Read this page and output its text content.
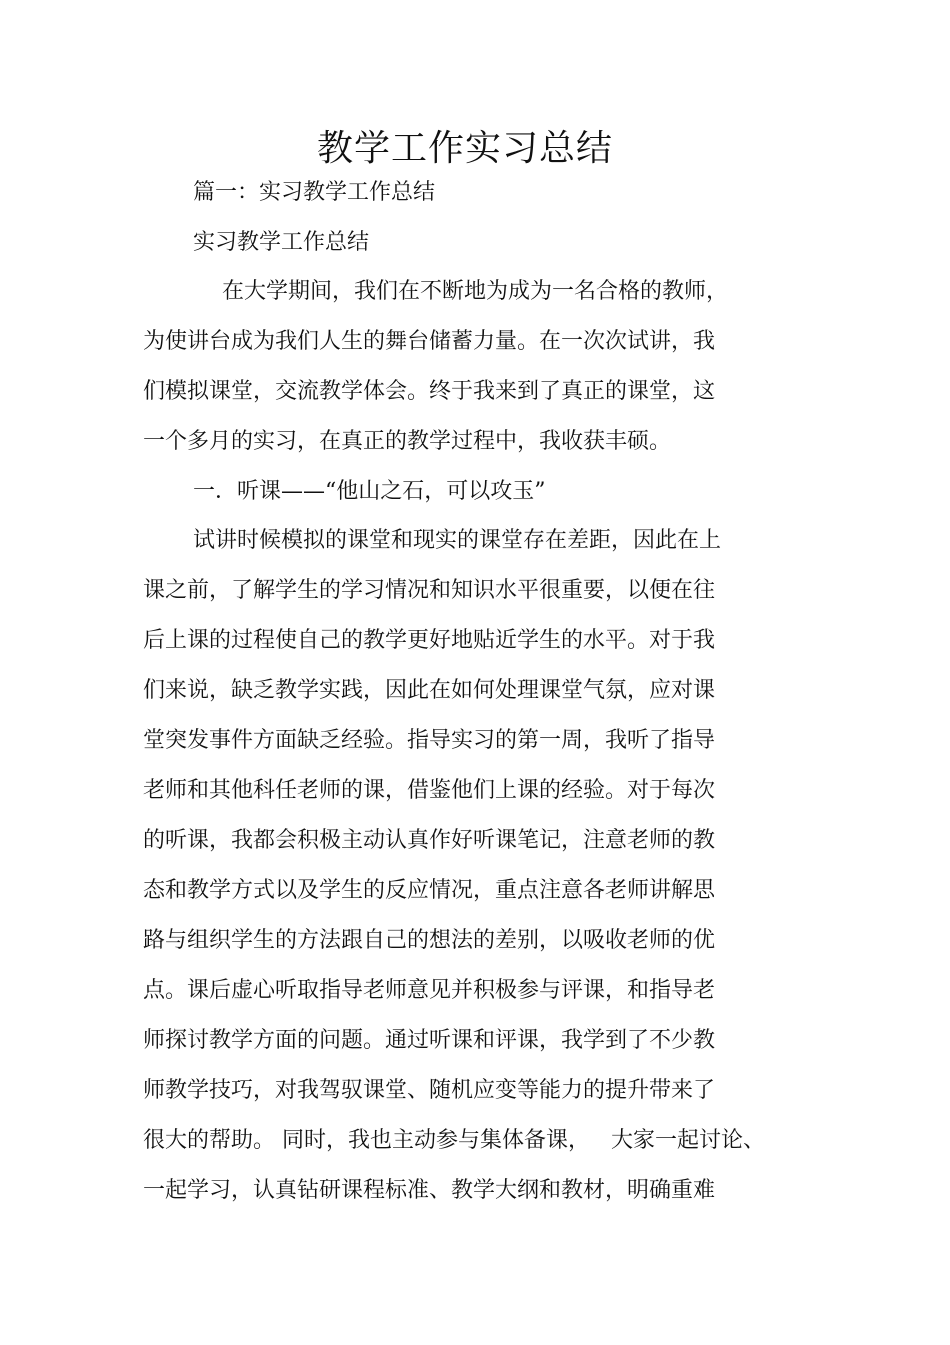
教学工作实习总结
篇一：实习教学工作总结
实习教学工作总结
在大学期间，我们在不断地为成为一名合格的教师，
为使讲台成为我们人生的舞台储蓄力量。在一次次试讲，我
们模拟课堂，交流教学体会。终于我来到了真正的课堂，这
一个多月的实习，在真正的教学过程中，我收获丰硕。
一．听课——“他山之石，可以攻玉”
试讲时候模拟的课堂和现实的课堂存在差距，因此在上
课之前，了解学生的学习情况和知识水平很重要，以便在往
后上课的过程使自己的教学更好地贴近学生的水平。对于我
们来说，缺乏教学实践，因此在如何处理课堂气氛，应对课
堂突发事件方面缺乏经验。指导实习的第一周，我听了指导
老师和其他科任老师的课，借鉴他们上课的经验。对于每次
的听课，我都会积极主动认真作好听课笔记，注意老师的教
态和教学方式以及学生的反应情况，重点注意各老师讲解思
路与组织学生的方法跟自己的想法的差别，以吸收老师的优
点。课后虚心听取指导老师意见并积极参与评课，和指导老
师探讨教学方面的问题。通过听课和评课，我学到了不少教
师教学技巧，对我驾驭课堂、随机应变等能力的提升带来了
很大的帮助。 同时，我也主动参与集体备课，   大家一起讨论、
一起学习，认真钻研课程标准、教学大纲和教材，明确重难
